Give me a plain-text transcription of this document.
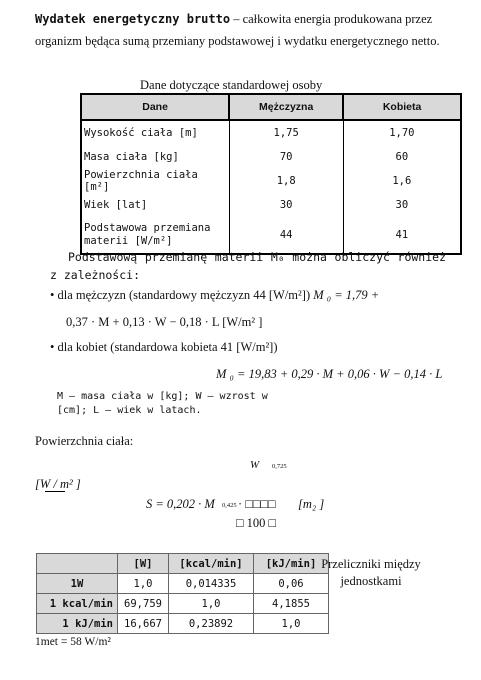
Wydatek energetyczny brutto – całkowita energia produkowana przez organizm będąca sumą przemiany podstawowej i wydatku energetycznego netto.
Dane dotyczące standardowej osoby
Dane	Mężczyzna	Kobieta
Wysokość ciała [m]	1,75	1,70
Masa ciała [kg]	70	60
Powierzchnia ciała [m²]	1,8	1,6
Wiek [lat]	30	30
Podstawowa przemiana materii [W/m²]	44	41
Podstawową przemianę materii M₀ można obliczyć również z zależności:
• dla mężczyzn (standardowy mężczyzn 44 [W/m²]) M ₀ = 1,79 +
0,37 · M + 0,13 · W − 0,18 · L [W/m² ]
• dla kobiet (standardowa kobieta 41 [W/m²])
M ₀ = 19,83 + 0,29 · M + 0,06 · W − 0,14 · L
M – masa ciała w [kg]; W – wzrost w [cm]; L – wiek w latach.
Powierzchnia ciała:
W 0,725
[W / m² ]
S = 0,202 · M 0,425 · □□□□ [m₂ ]
□ 100 □
	[W]	[kcal/min]	[kJ/min]
1W	1,0	0,014335	0,06
1 kcal/min	69,759	1,0	4,1855
1 kJ/min	16,667	0,23892	1,0
Przeliczniki między jednostkami
1met = 58 W/m²
